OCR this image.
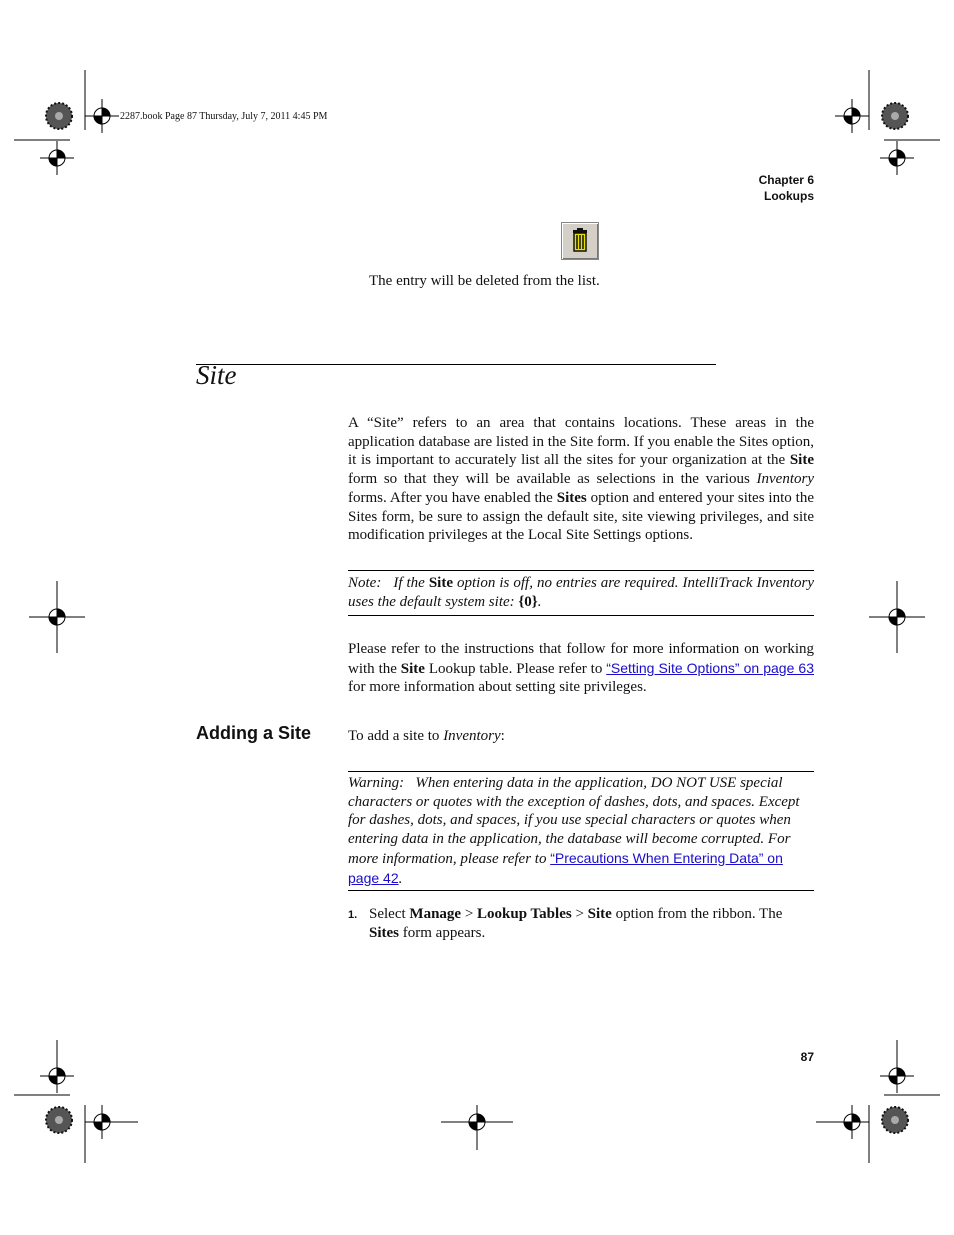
2287.book Page 87 Thursday, July 7, 2011 4:45 PM
Chapter 6
Lookups
The entry will be deleted from the list.
Site
A “Site” refers to an area that contains locations. These areas in the application database are listed in the Site form. If you enable the Sites option, it is important to accurately list all the sites for your organization at the Site form so that they will be available as selections in the various Inventory forms. After you have enabled the Sites option and entered your sites into the Sites form, be sure to assign the default site, site viewing privileges, and site modification privileges at the Local Site Settings options.
Note: If the Site option is off, no entries are required. IntelliTrack Inventory uses the default system site: {0}.
Please refer to the instructions that follow for more information on working with the Site Lookup table. Please refer to “Setting Site Options” on page 63 for more information about setting site privileges.
Adding a Site To add a site to Inventory:
Warning: When entering data in the application, DO NOT USE special characters or quotes with the exception of dashes, dots, and spaces. Except for dashes, dots, and spaces, if you use special characters or quotes when entering data in the application, the database will become corrupted. For more information, please refer to “Precautions When Entering Data” on page 42.
1. Select Manage > Lookup Tables > Site option from the ribbon. The Sites form appears.
87
